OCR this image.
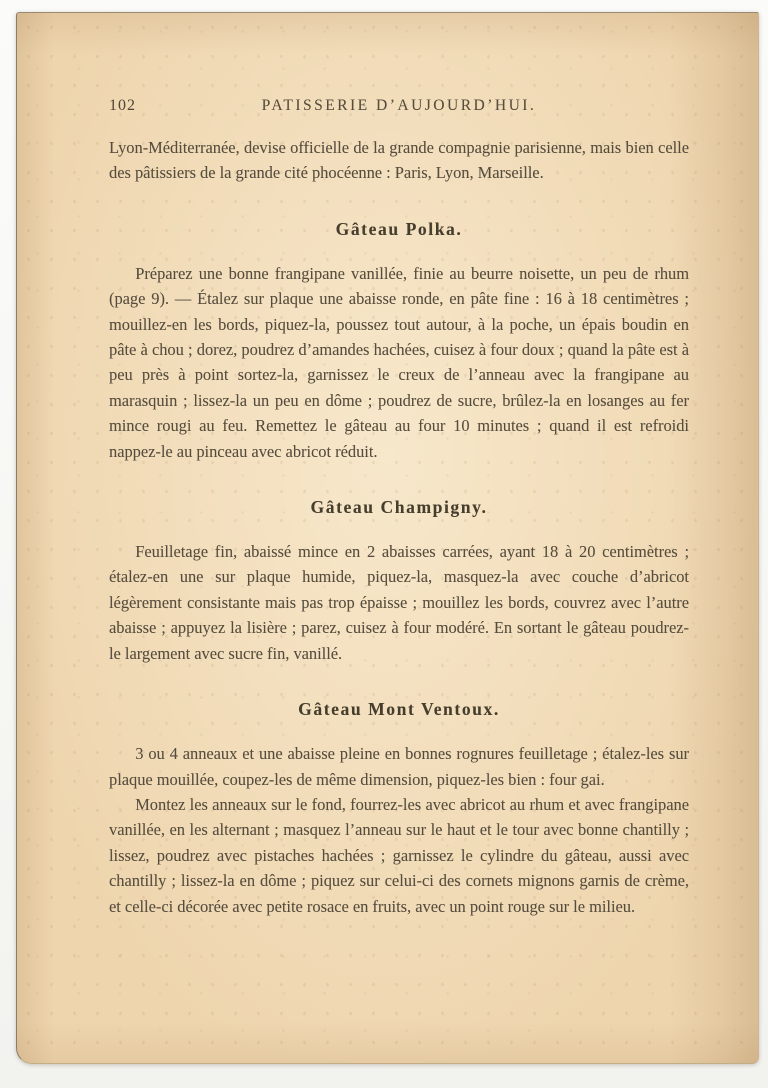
102	PATISSERIE D’AUJOURD’HUI.

Lyon-Méditerranée, devise officielle de la grande compagnie parisienne, mais bien celle des pâtissiers de la grande cité phocéenne : Paris, Lyon, Marseille.

Gâteau Polka.

Préparez une bonne frangipane vanillée, finie au beurre noisette, un peu de rhum (page 9). — Étalez sur plaque une abaisse ronde, en pâte fine : 16 à 18 centimètres ; mouillez-en les bords, piquez-la, poussez tout autour, à la poche, un épais boudin en pâte à chou ; dorez, poudrez d’amandes hachées, cuisez à four doux ; quand la pâte est à peu près à point sortez-la, garnissez le creux de l’anneau avec la frangipane au marasquin ; lissez-la un peu en dôme ; poudrez de sucre, brûlez-la en losanges au fer mince rougi au feu. Remettez le gâteau au four 10 minutes ; quand il est refroidi nappez-le au pinceau avec abricot réduit.

Gâteau Champigny.

Feuilletage fin, abaissé mince en 2 abaisses carrées, ayant 18 à 20 centimètres ; étalez-en une sur plaque humide, piquez-la, masquez-la avec couche d’abricot légèrement consistante mais pas trop épaisse ; mouillez les bords, couvrez avec l’autre abaisse ; appuyez la lisière ; parez, cuisez à four modéré. En sortant le gâteau poudrez-le largement avec sucre fin, vanillé.

Gâteau Mont Ventoux.

3 ou 4 anneaux et une abaisse pleine en bonnes rognures feuilletage ; étalez-les sur plaque mouillée, coupez-les de même dimension, piquez-les bien : four gai.

Montez les anneaux sur le fond, fourrez-les avec abricot au rhum et avec frangipane vanillée, en les alternant ; masquez l’anneau sur le haut et le tour avec bonne chantilly ; lissez, poudrez avec pistaches hachées ; garnissez le cylindre du gâteau, aussi avec chantilly ; lissez-la en dôme ; piquez sur celui-ci des cornets mignons garnis de crème, et celle-ci décorée avec petite rosace en fruits, avec un point rouge sur le milieu.
